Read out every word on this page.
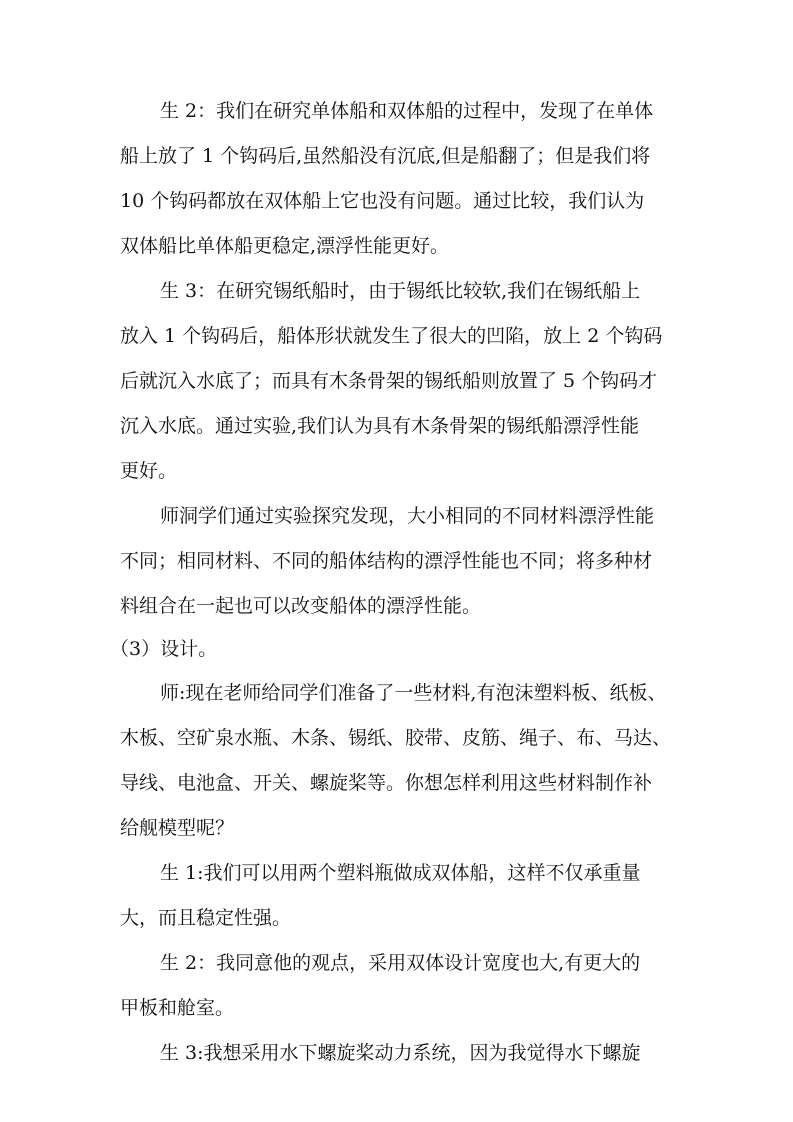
生 2：我们在研究单体船和双体船的过程中，发现了在单体
船上放了 1 个钩码后,虽然船没有沉底,但是船翻了；但是我们将
10 个钩码都放在双体船上它也没有问题。通过比较，我们认为
双体船比单体船更稳定,漂浮性能更好。
生 3：在研究锡纸船时，由于锡纸比较软,我们在锡纸船上
放入 1 个钩码后，船体形状就发生了很大的凹陷，放上 2 个钩码
后就沉入水底了；而具有木条骨架的锡纸船则放置了 5 个钩码才
沉入水底。通过实验,我们认为具有木条骨架的锡纸船漂浮性能
更好。
师洞学们通过实验探究发现，大小相同的不同材料漂浮性能
不同；相同材料、不同的船体结构的漂浮性能也不同；将多种材
料组合在一起也可以改变船体的漂浮性能。
（3）设计。
师:现在老师给同学们准备了一些材料,有泡沫塑料板、纸板、
木板、空矿泉水瓶、木条、锡纸、胶带、皮筋、绳子、布、马达、
导线、电池盒、开关、螺旋桨等。你想怎样利用这些材料制作补
给舰模型呢？
生 1:我们可以用两个塑料瓶做成双体船，这样不仅承重量
大，而且稳定性强。
生 2：我同意他的观点，采用双体设计宽度也大,有更大的
甲板和舱室。
生 3:我想采用水下螺旋桨动力系统，因为我觉得水下螺旋
